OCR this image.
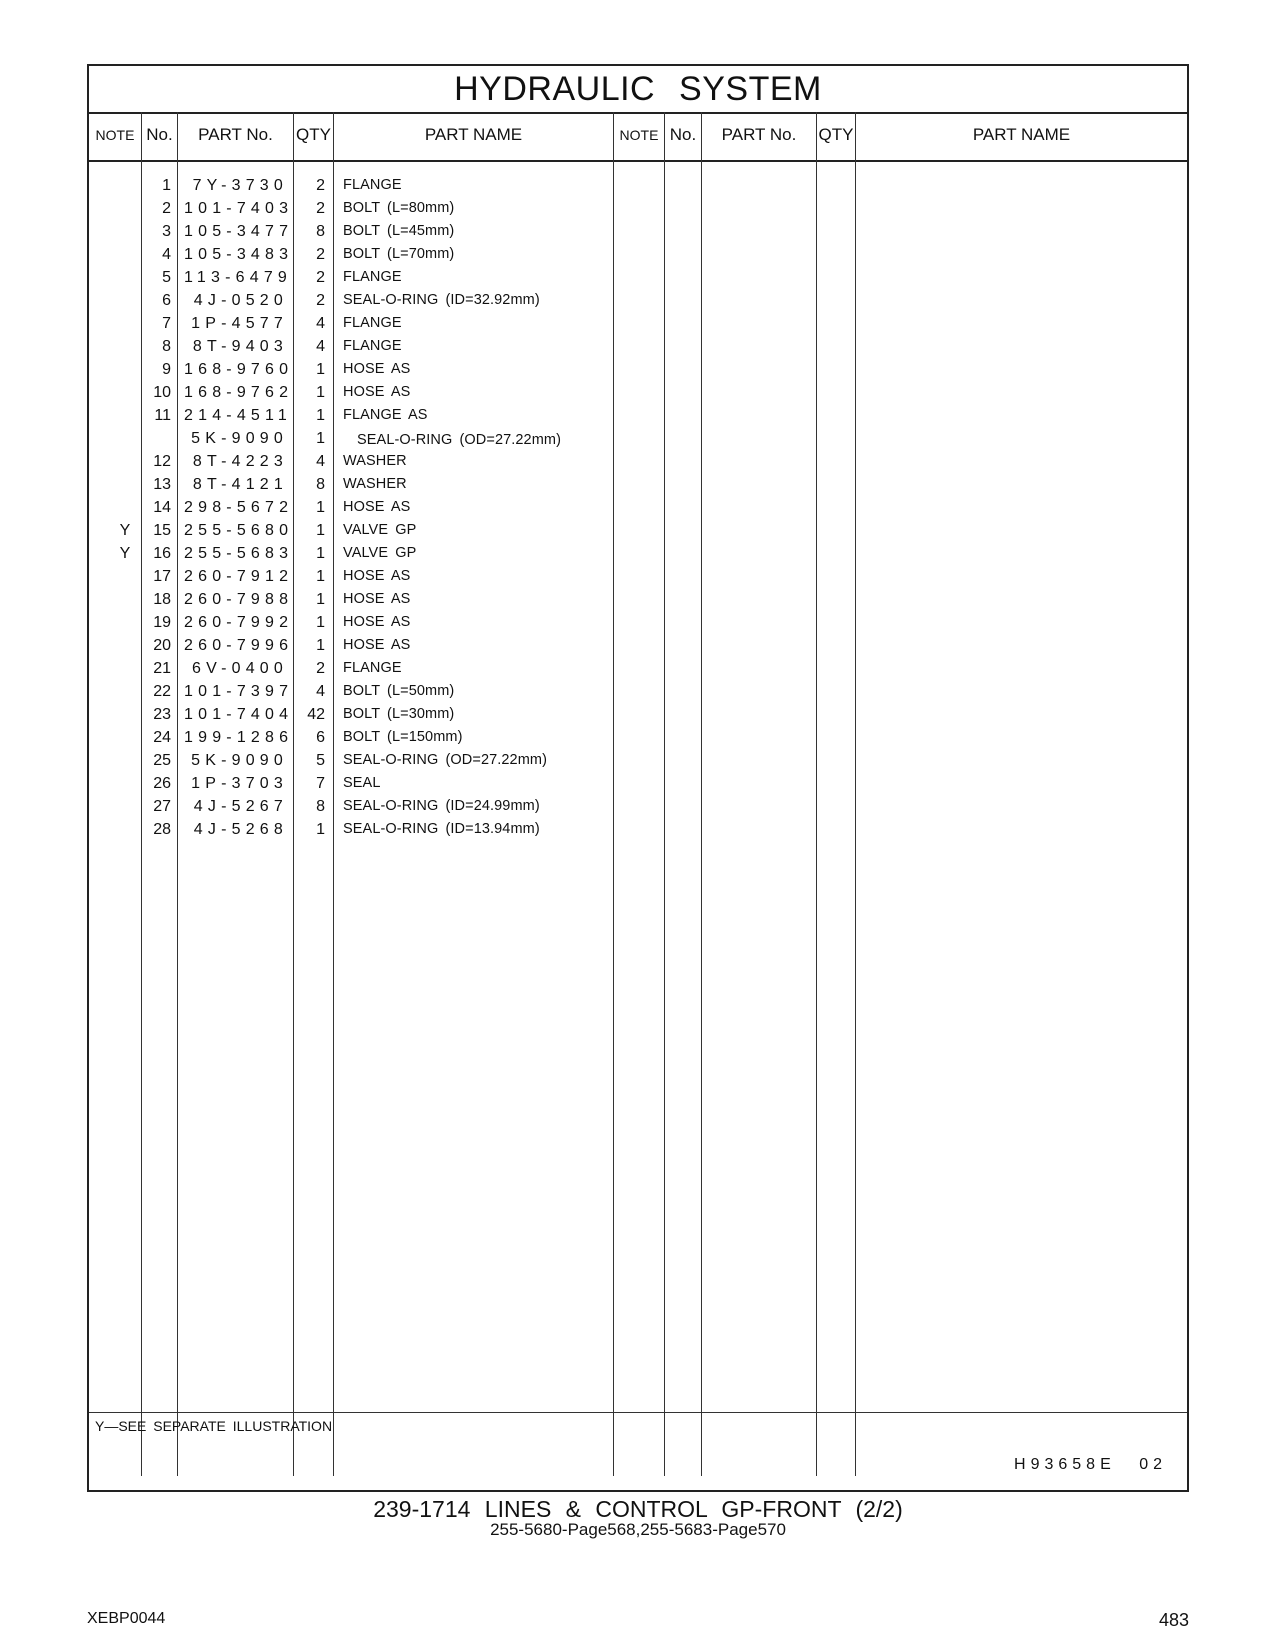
HYDRAULIC SYSTEM
NOTE No.	PART No.	QTY	PART NAME	NOTE No.	PART No.	QTY	PART NAME
1	7Y-3730	2 FLANGE
2 101-7403	2 BOLT (L=80mm)
3 105-3477	8 BOLT (L=45mm)
4 105-3483	2 BOLT (L=70mm)
5 113-6479	2 FLANGE
6	4J-0520	2 SEAL-O-RING (ID=32.92mm)
7	1P-4577	4 FLANGE
8	8T-9403	4 FLANGE
9 168-9760	1 HOSE AS
10 168-9762	1 HOSE AS
11 214-4511	1 FLANGE AS
5K-9090	1 SEAL-O-RING (OD=27.22mm)
12	8T-4223	4 WASHER
13	8T-4121	8 WASHER
14 298-5672	1 HOSE AS
Y	15 255-5680	1 VALVE GP
Y	16 255-5683	1 VALVE GP
17 260-7912	1 HOSE AS
18 260-7988	1 HOSE AS
19 260-7992	1 HOSE AS
20 260-7996	1 HOSE AS
21	6V-0400	2 FLANGE
22 101-7397	4 BOLT (L=50mm)
23 101-7404 42 BOLT (L=30mm)
24 199-1286	6 BOLT (L=150mm)
25	5K-9090	5 SEAL-O-RING (OD=27.22mm)
26	1P-3703	7 SEAL
27	4J-5267	8 SEAL-O-RING (ID=24.99mm)
28	4J-5268	1 SEAL-O-RING (ID=13.94mm)
Y—SEE SEPARATE ILLUSTRATION
H93658E 02
239-1714 LINES & CONTROL GP-FRONT (2/2)
255-5680-Page568,255-5683-Page570
XEBP0044	483
